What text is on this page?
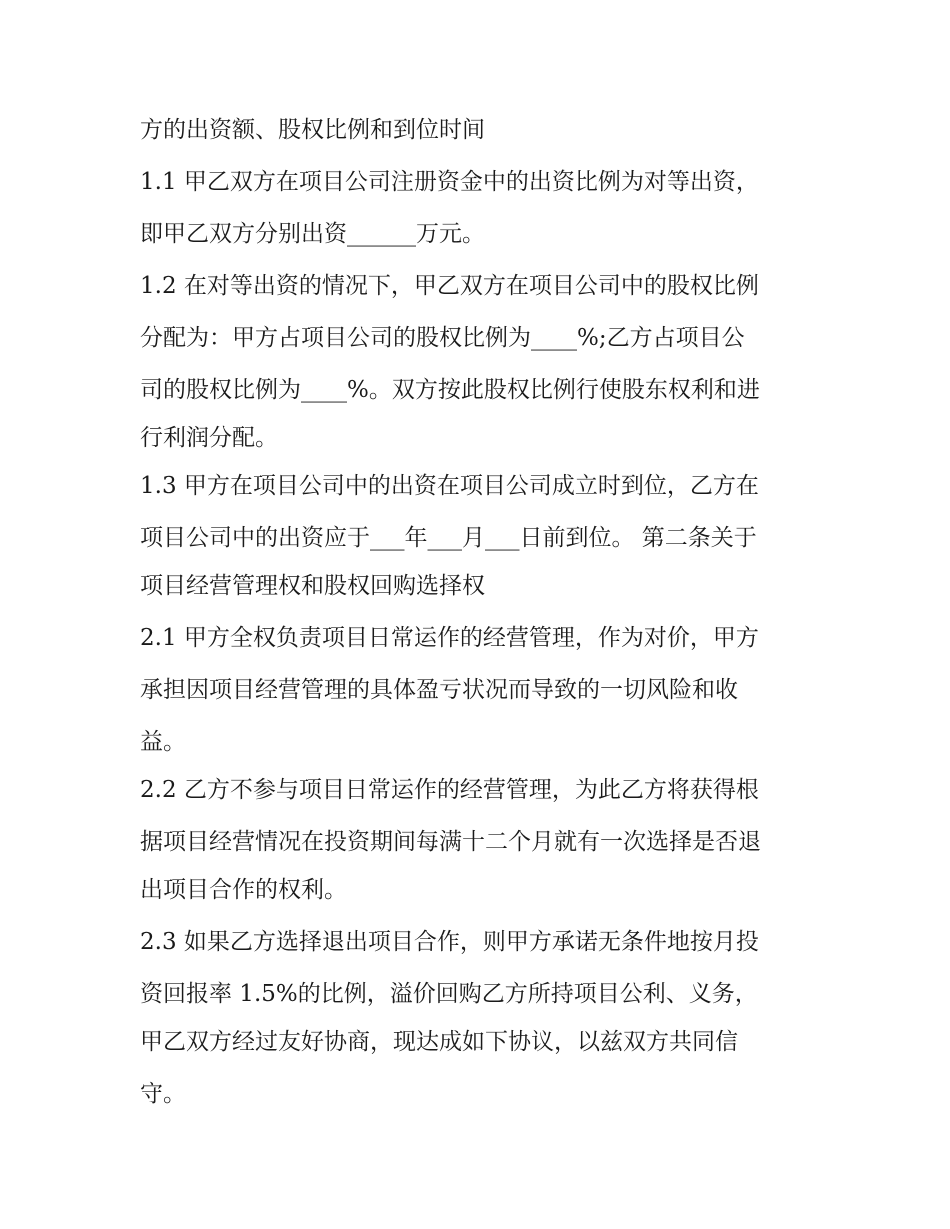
方的出资额、股权比例和到位时间
1.1 甲乙双方在项目公司注册资金中的出资比例为对等出资，
即甲乙双方分别出资______万元。
1.2 在对等出资的情况下，甲乙双方在项目公司中的股权比例
分配为：甲方占项目公司的股权比例为____%;乙方占项目公
司的股权比例为____%。双方按此股权比例行使股东权利和进
行利润分配。
1.3 甲方在项目公司中的出资在项目公司成立时到位，乙方在
项目公司中的出资应于___年___月___日前到位。 第二条关于
项目经营管理权和股权回购选择权
2.1 甲方全权负责项目日常运作的经营管理，作为对价，甲方
承担因项目经营管理的具体盈亏状况而导致的一切风险和收
益。
2.2 乙方不参与项目日常运作的经营管理，为此乙方将获得根
据项目经营情况在投资期间每满十二个月就有一次选择是否退
出项目合作的权利。
2.3 如果乙方选择退出项目合作，则甲方承诺无条件地按月投
资回报率 1.5%的比例，溢价回购乙方所持项目公利、义务，
甲乙双方经过友好协商，现达成如下协议，以兹双方共同信
守。
